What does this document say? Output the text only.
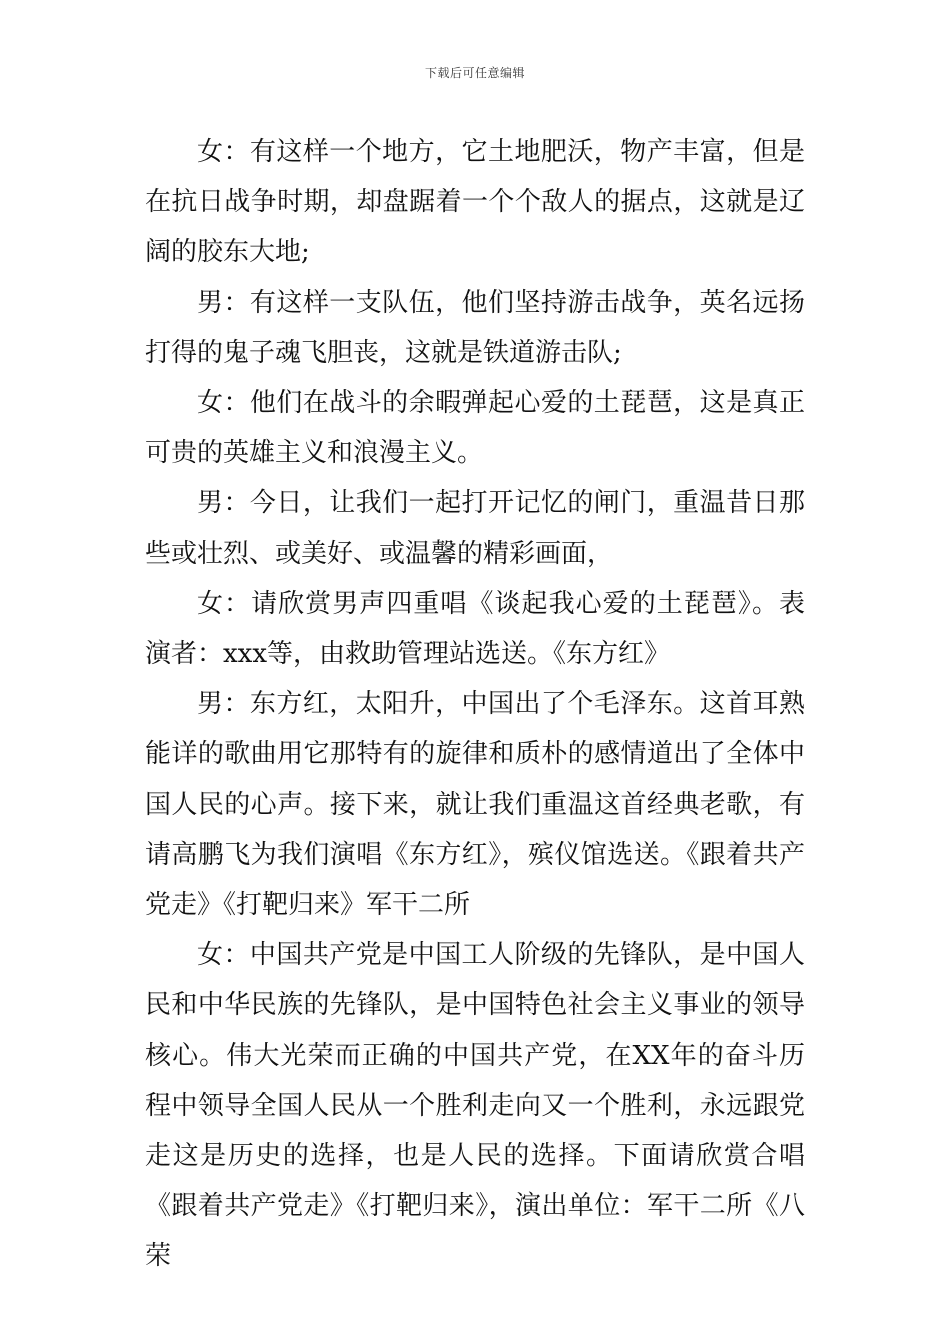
下载后可任意编辑

女：有这样一个地方，它土地肥沃，物产丰富，但是在抗日战争时期，却盘踞着一个个敌人的据点，这就是辽阔的胶东大地;

男：有这样一支队伍，他们坚持游击战争，英名远扬打得的鬼子魂飞胆丧，这就是铁道游击队;

女：他们在战斗的余暇弹起心爱的土琵琶，这是真正可贵的英雄主义和浪漫主义。

男：今日，让我们一起打开记忆的闸门，重温昔日那些或壮烈、或美好、或温馨的精彩画面，

女：请欣赏男声四重唱《谈起我心爱的土琵琶》。表演者：xxx等，由救助管理站选送。《东方红》

男：东方红，太阳升，中国出了个毛泽东。这首耳熟能详的歌曲用它那特有的旋律和质朴的感情道出了全体中国人民的心声。接下来，就让我们重温这首经典老歌，有请高鹏飞为我们演唱《东方红》，殡仪馆选送。《跟着共产党走》《打靶归来》军干二所

女：中国共产党是中国工人阶级的先锋队，是中国人民和中华民族的先锋队，是中国特色社会主义事业的领导核心。伟大光荣而正确的中国共产党，在XX年的奋斗历程中领导全国人民从一个胜利走向又一个胜利，永远跟党走这是历史的选择，也是人民的选择。下面请欣赏合唱《跟着共产党走》《打靶归来》，演出单位：军干二所《八荣
